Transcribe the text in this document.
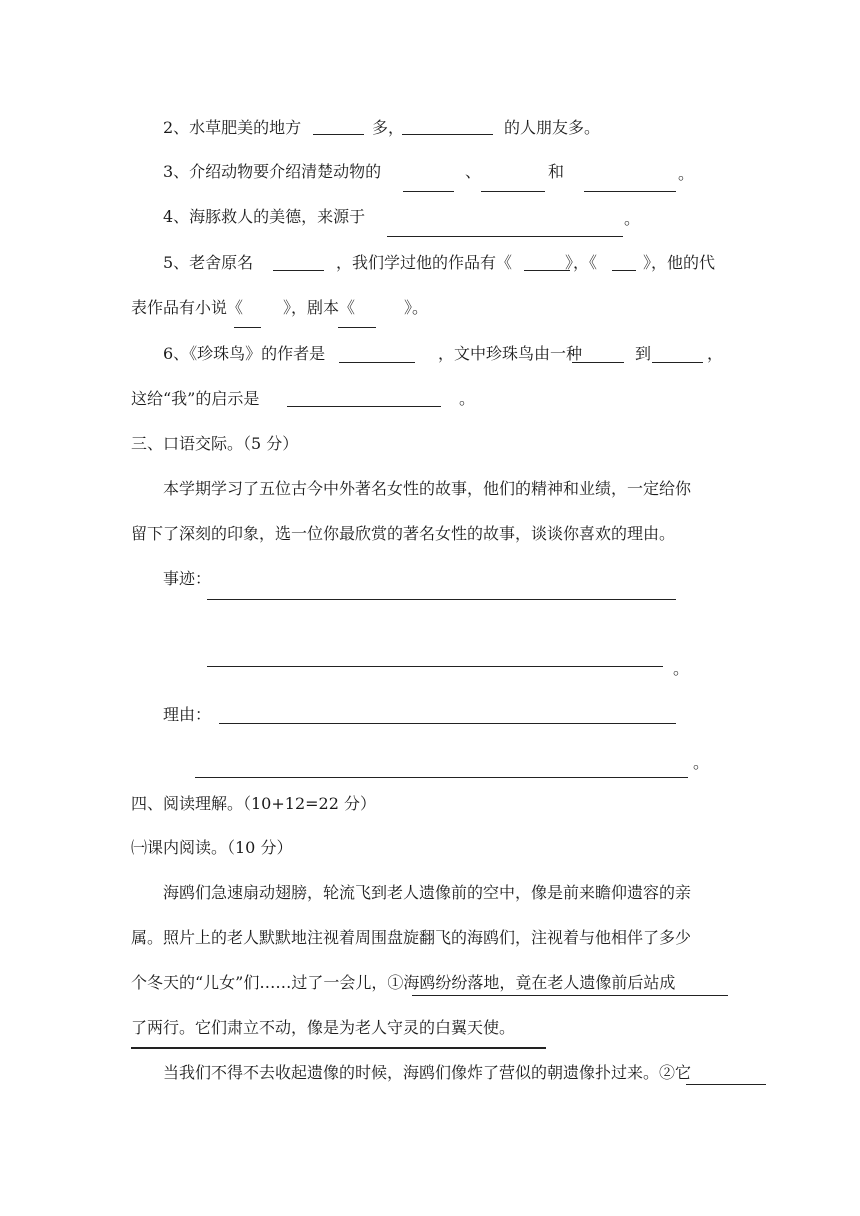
2、水草肥美的地方	多，	的人朋友多。
3、介绍动物要介绍清楚动物的	、	和	。
4、海豚救人的美德，来源于	。
5、老舍原名	，我们学过他的作品有《	》，《	》，他的代
表作品有小说《 》，剧本《	》。
6、《珍珠鸟》的作者是	，文中珍珠鸟由一种	到	，
这给“我”的启示是	。
三、口语交际。（5 分）
本学期学习了五位古今中外著名女性的故事，他们的精神和业绩，一定给你
留下了深刻的印象，选一位你最欣赏的著名女性的故事，谈谈你喜欢的理由。
事迹：
。
理由：
。
四、阅读理解。（10+12=22 分）
㈠课内阅读。（10 分）
海鸥们急速扇动翅膀，轮流飞到老人遗像前的空中，像是前来瞻仰遗容的亲
属。照片上的老人默默地注视着周围盘旋翻飞的海鸥们，注视着与他相伴了多少
个冬天的“儿女”们……过了一会儿，①海鸥纷纷落地，竟在老人遗像前后站成
了两行。它们肃立不动，像是为老人守灵的白翼天使。
当我们不得不去收起遗像的时候，海鸥们像炸了营似的朝遗像扑过来。②它
